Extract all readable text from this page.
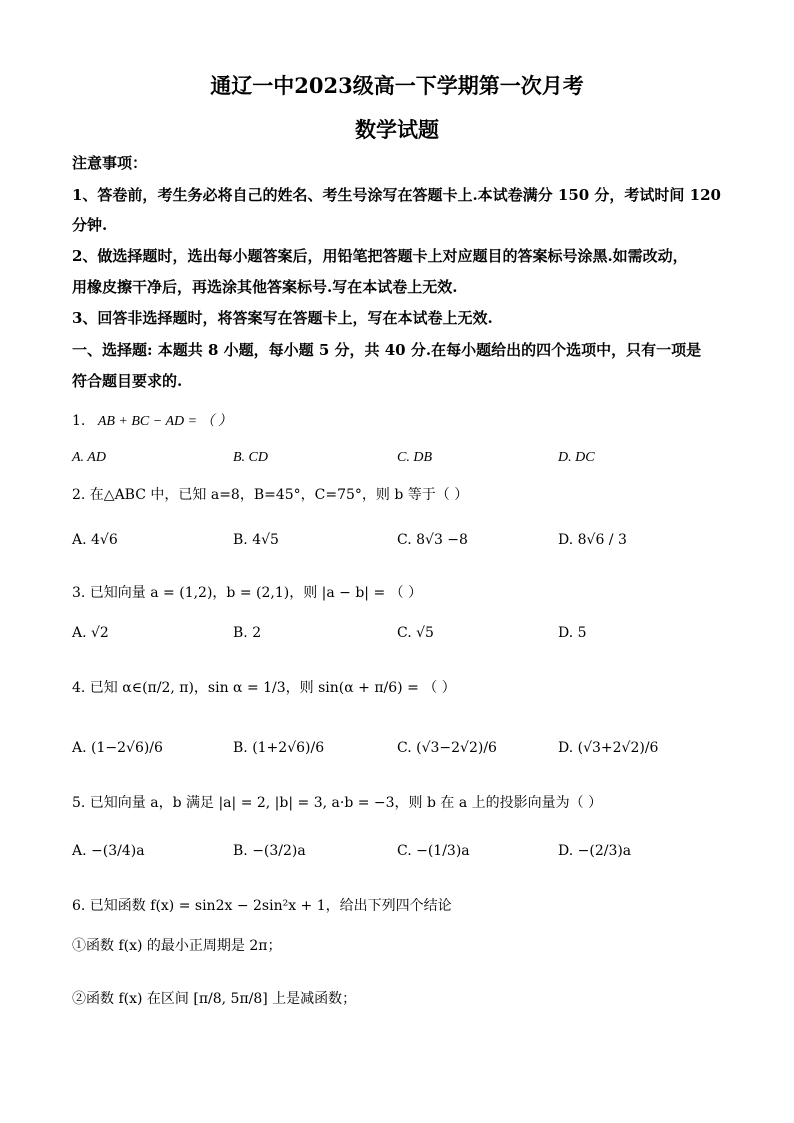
通辽一中2023级高一下学期第一次月考
数学试题
注意事项：
1、答卷前，考生务必将自己的姓名、考生号涂写在答题卡上.本试卷满分 150 分，考试时间 120
分钟.
2、做选择题时，选出每小题答案后，用铅笔把答题卡上对应题目的答案标号涂黑.如需改动，
用橡皮擦干净后，再选涂其他答案标号.写在本试卷上无效.
3、回答非选择题时，将答案写在答题卡上，写在本试卷上无效.
一、选择题: 本题共 8 小题，每小题 5 分，共 40 分.在每小题给出的四个选项中，只有一项是
符合题目要求的.
1. AB + BC − AD = （ ）
A. AD	B. CD	C. DB	D. DC
2. 在△ABC 中，已知 a=8，B=45°，C=75°，则 b 等于（ ）
A. 4√6	B. 4√5	C. 8√3 −8	D. 8√6 / 3
3. 已知向量 a = (1,2)，b = (2,1)，则 |a − b| = （ ）
A. √2	B. 2	C. √5	D. 5
4. 已知 α∈(π/2, π)，sin α = 1/3，则 sin(α + π/6) = （ ）
A. (1−2√6)/6	B. (1+2√6)/6	C. (√3−2√2)/6	D. (√3+2√2)/6
5. 已知向量 a，b 满足 |a| = 2, |b| = 3, a·b = −3，则 b 在 a 上的投影向量为（ ）
A. −(3/4)a	B. −(3/2)a	C. −(1/3)a	D. −(2/3)a
6. 已知函数 f(x) = sin2x − 2sin²x + 1，给出下列四个结论
①函数 f(x) 的最小正周期是 2π；
②函数 f(x) 在区间 [π/8, 5π/8] 上是减函数；
